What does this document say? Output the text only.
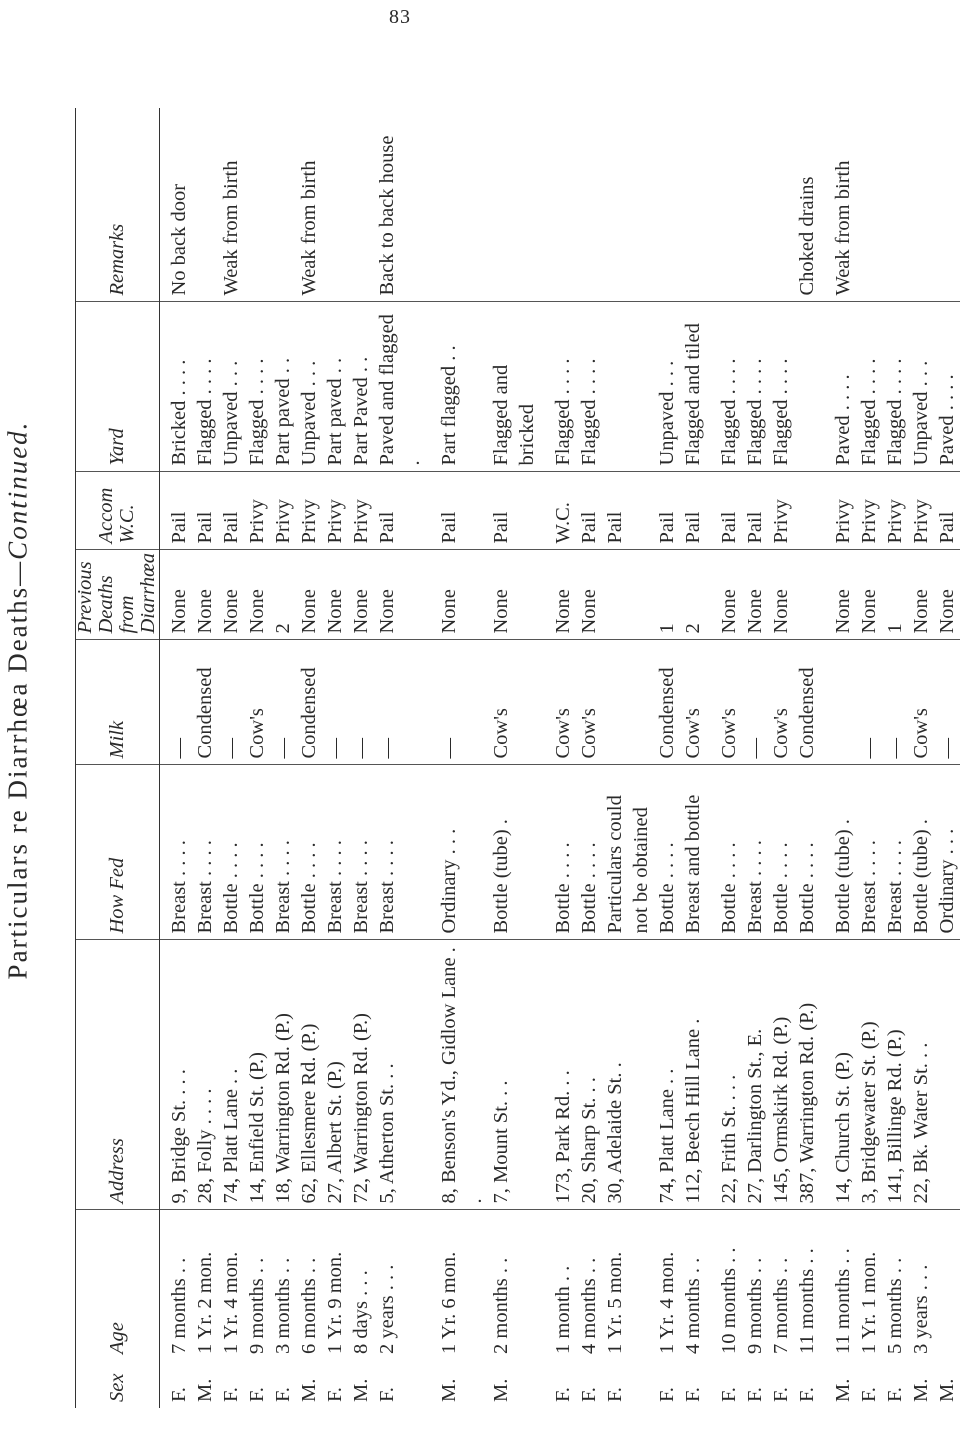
83
Particulars re Diarrhœa Deaths—Continued.
Sex	Age	Address	How Fed	Milk	Previous Deaths from Diarrhœa	Accom W.C.	Yard	Remarks
F.	7 months . .	9, Bridge St. . . .	Breast . . . .	—	None	Pail	Bricked . . . .	No back door
M.	1 Yr. 2 mon.	28, Folly . . . .	Breast . . . .	Condensed	None	Pail	Flagged . . . .	
F.	1 Yr. 4 mon.	74, Platt Lane . .	Bottle . . . .	—	None	Pail	Unpaved . . .	Weak from birth
F.	9 months . .	14, Enfield St. (P.)	Bottle . . . .	Cow's	None	Privy	Flagged . . . .	
F.	3 months . .	18, Warrington Rd. (P.)	Breast . . . .	—	2	Privy	Part paved . .	
M.	6 months . .	62, Ellesmere Rd. (P.)	Bottle . . . .	Condensed	None	Privy	Unpaved . . .	Weak from birth
F.	1 Yr. 9 mon.	27, Albert St. (P.)	Breast . . . .	—	None	Privy	Part paved . .	
M.	8 days . . .	72, Warrington Rd. (P.)	Breast . . . .	—	None	Privy	Part Paved . .	
F.	2 years . . .	5, Atherton St. . .	Breast . . . .	—	None	Pail	Paved and flagged .	Back to back house
M.	1 Yr. 6 mon.	8, Benson's Yd., Gidlow Lane . .	Ordinary . . .	—	None	Pail	Part flagged . .	
M.	2 months . .	7, Mount St. . .	Bottle (tube) .	Cow's	None	Pail	Flagged and bricked	
F.	1 month . .	173, Park Rd. . .	Bottle . . . .	Cow's	None	W.C.	Flagged . . . .	
F.	4 months . .	20, Sharp St. . .	Bottle . . . .	Cow's	None	Pail	Flagged . . . .	
F.	1 Yr. 5 mon.	30, Adelaide St. .	Particulars could not be obtained			Pail		
F.	1 Yr. 4 mon.	74, Platt Lane . .	Bottle . . . .	Condensed	1	Pail	Unpaved . . .	
F.	4 months . .	112, Beech Hill Lane .	Breast and bottle	Cow's	2	Pail	Flagged and tiled	
F.	10 months . .	22, Frith St. . . .	Bottle . . . .	Cow's	None	Pail	Flagged . . . .	
F.	9 months . .	27, Darlington St., E.	Breast . . . .	—	None	Pail	Flagged . . . .	
F.	7 months . .	145, Ormskirk Rd. (P.)	Bottle . . . .	Cow's	None	Privy	Flagged . . . .	
F.	11 months . .	387, Warrington Rd. (P.)	Bottle . . . .	Condensed				Choked drains
M.	11 months . .	14, Church St. (P.)	Bottle (tube) .		None	Privy	Paved . . . .	Weak from birth
F.	1 Yr. 1 mon.	3, Bridgewater St. (P.)	Breast . . . .	—	None	Privy	Flagged . . . .	
F.	5 months . .	141, Billinge Rd. (P.)	Breast . . . .	—	1	Privy	Flagged . . . .	
M.	3 years . . .	22, Bk. Water St. . .	Bottle (tube) .	Cow's	None	Privy	Unpaved . . .	
M.			Ordinary . . .	—	None	Pail	Paved . . . .	
